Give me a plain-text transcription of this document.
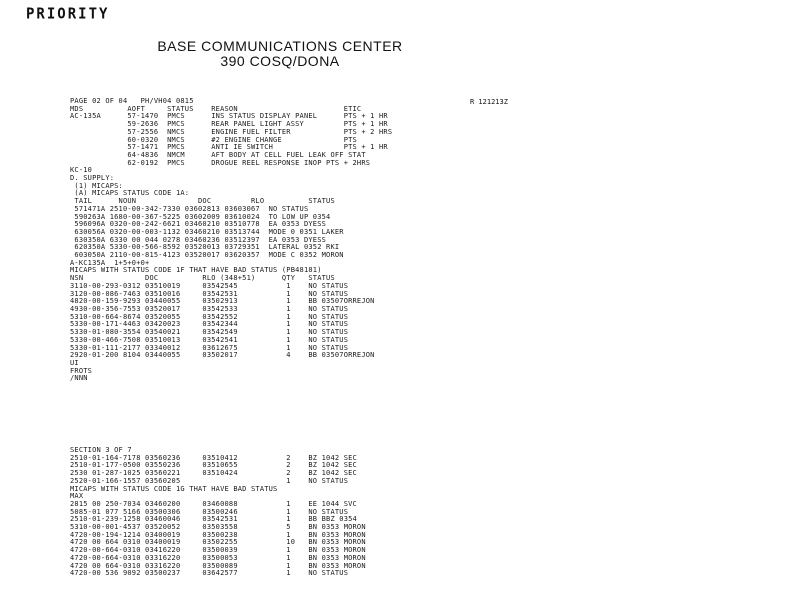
PRIORITY
BASE COMMUNICATIONS CENTER
390 COSQ/DONA
R 121213Z
PAGE 02 OF 04   PH/VH04 0815
MDS          AOFT     STATUS    REASON                        ETIC
AC-135A      57-1470  PMCS      INS STATUS DISPLAY PANEL      PTS + 1 HR
59-2636  PMCS      REAR PANEL LIGHT ASSY         PTS + 1 HR
57-2556  NMCS      ENGINE FUEL FILTER            PTS + 2 HRS
60-0320  NMCS      #2 ENGINE CHANGE              PTS
57-1471  PMCS      ANTI IE SWITCH                PTS + 1 HR
64-4836  NMCM      AFT BODY AT CELL FUEL LEAK OFF STAT
62-0192  PMCS      DROGUE REEL RESPONSE INOP PTS + 2HRS
KC-10
D. SUPPLY:
(1) MICAPS:
(A) MICAPS STATUS CODE 1A:
TAIL      NOUN              DOC         RLO          STATUS
571471A 2510-00-342-7330 03602813 03603067  NO STATUS
590263A 1680-00-367-5225 03602009 03610024  TO LOW UP 0354
596096A 0320-00-242-6621 03460210 03510778  EA 0353 DYESS
630056A 0320-00-003-1132 03460210 03513744  MODE 0 0351 LAKER
630350A 6330 00 044 0278 03460236 03512397  EA 0353 DYESS
620350A 5330-00-566-8592 03520013 03729351  LATERAL 0352 RKI
603050A 2110-00-815-4123 03520017 03620357  MODE C 0352 MORON
A-KC135A  1+5+0+0+
MICAPS WITH STATUS CODE 1F THAT HAVE BAD STATUS (PB48181)
NSN              DOC          RLO (348+51)      QTY   STATUS
3110-00-293-0312 03510019     03542545           1    NO STATUS
3120-00-086-7463 03510016     03542531           1    NO STATUS
4820-00-159-9293 03440055     03502913           1    BB 03507ORREJON
4930-00-356-7553 03520017     03542533           1    NO STATUS
5310-00-664-8674 03520055     03542552           1    NO STATUS
5330-00-171-4463 03420023     03542344           1    NO STATUS
5330-01-080-3554 03540021     03542549           1    NO STATUS
5330-00-466-7508 03510013     03542541           1    NO STATUS
5330-01-111-2177 03340012     03612675           1    NO STATUS
2920-01-200 8104 03440055     03502017           4    BB 03507ORREJON
UI
FROTS
/NNN
SECTION 3 OF 7
2510-01-164-7178 03560236     03510412           2    BZ 1042 SEC
2510-01-177-0500 03550236     03510655           2    BZ 1042 SEC
2530 01-287-1025 03560221     03510424           2    BZ 1042 SEC
2520-01-166-1557 03560205                        1    NO STATUS
MICAPS WITH STATUS CODE 1G THAT HAVE BAD STATUS
MAX
2815 00 250-7034 03460200     03460088           1    EE 1044 SVC
5085-01 077 5166 03500306     03500246           1    NO STATUS
2510-01-239-1258 03460046     03542531           1    BB BBZ 0354
5310-00-001-4537 03520052     03503558           5    BN 0353 MORON
4720-00-194-1214 03400019     03500238           1    BN 0353 MORON
4720 00 664 0310 03400019     03502255           10   BN 0353 MORON
4720-00-664-0310 03416220     03500039           1    BN 0353 MORON
4720-00-664-0310 03316220     03500053           1    BN 0353 MORON
4720 00 664-0310 03316220     03500089           1    BN 0353 MORON
4720-00 536 9092 03500237     03642577           1    NO STATUS
